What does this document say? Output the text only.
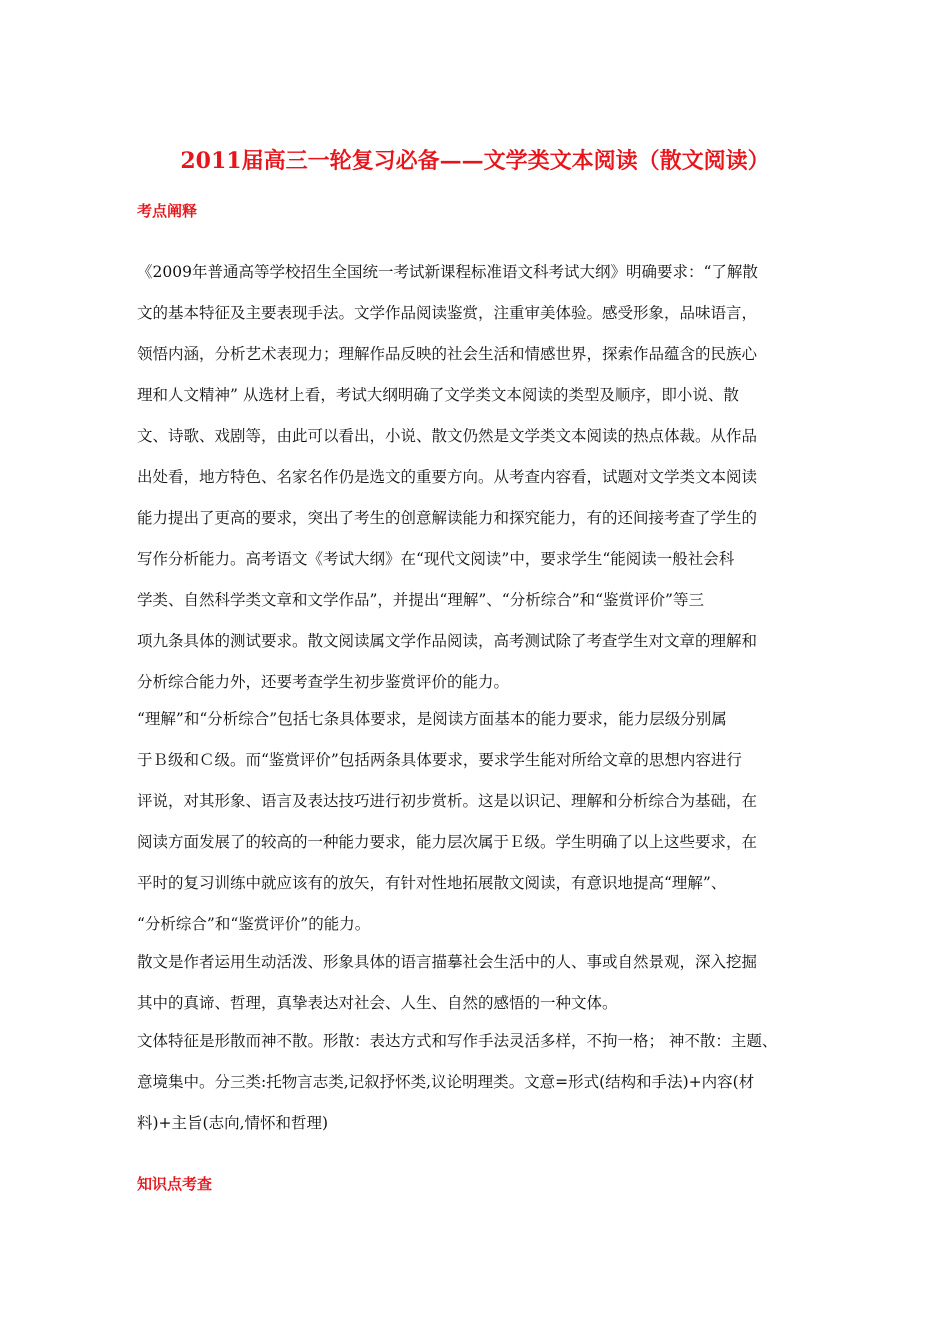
2011届高三一轮复习必备——文学类文本阅读（散文阅读）
考点阐释
《2009年普通高等学校招生全国统一考试新课程标准语文科考试大纲》明确要求：“了解散
文的基本特征及主要表现手法。文学作品阅读鉴赏，注重审美体验。感受形象，品味语言，
领悟内涵，分析艺术表现力；理解作品反映的社会生活和情感世界，探索作品蕴含的民族心
理和人文精神” 从选材上看，考试大纲明确了文学类文本阅读的类型及顺序，即小说、散
文、诗歌、戏剧等，由此可以看出，小说、散文仍然是文学类文本阅读的热点体裁。从作品
出处看，地方特色、名家名作仍是选文的重要方向。从考查内容看，试题对文学类文本阅读
能力提出了更高的要求，突出了考生的创意解读能力和探究能力，有的还间接考查了学生的
写作分析能力。高考语文《考试大纲》在“现代文阅读”中，要求学生“能阅读一般社会科
学类、自然科学类文章和文学作品”，并提出“理解”、“分析综合”和“鉴赏评价”等三
项九条具体的测试要求。散文阅读属文学作品阅读，高考测试除了考查学生对文章的理解和
分析综合能力外，还要考查学生初步鉴赏评价的能力。
“理解”和“分析综合”包括七条具体要求，是阅读方面基本的能力要求，能力层级分别属
于Ｂ级和Ｃ级。而“鉴赏评价”包括两条具体要求，要求学生能对所给文章的思想内容进行
评说，对其形象、语言及表达技巧进行初步赏析。这是以识记、理解和分析综合为基础，在
阅读方面发展了的较高的一种能力要求，能力层次属于Ｅ级。学生明确了以上这些要求，在
平时的复习训练中就应该有的放矢，有针对性地拓展散文阅读，有意识地提高“理解”、
“分析综合”和“鉴赏评价”的能力。
散文是作者运用生动活泼、形象具体的语言描摹社会生活中的人、事或自然景观，深入挖掘
其中的真谛、哲理，真挚表达对社会、人生、自然的感悟的一种文体。
文体特征是形散而神不散。形散：表达方式和写作手法灵活多样，不拘一格； 神不散：主题、
意境集中。分三类:托物言志类,记叙抒怀类,议论明理类。文意=形式(结构和手法)+内容(材
料)+主旨(志向,情怀和哲理)
知识点考查
